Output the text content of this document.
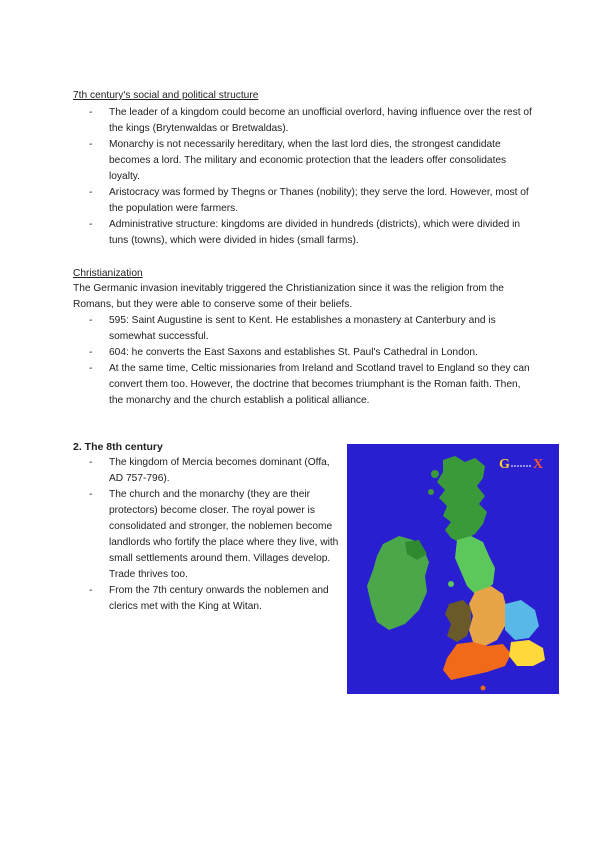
7th century's social and political structure
- The leader of a kingdom could become an unofficial overlord, having influence over the rest of the kings (Brytenwaldas or Bretwaldas).
- Monarchy is not necessarily hereditary, when the last lord dies, the strongest candidate becomes a lord. The military and economic protection that the leaders offer consolidates loyalty.
- Aristocracy was formed by Thegns or Thanes (nobility); they serve the lord. However, most of the population were farmers.
- Administrative structure: kingdoms are divided in hundreds (districts), which were divided in tuns (towns), which were divided in hides (small farms).
Christianization

The Germanic invasion inevitably triggered the Christianization since it was the religion from the Romans, but they were able to conserve some of their beliefs.

- 595: Saint Augustine is sent to Kent. He establishes a monastery at Canterbury and is somewhat successful.
- 604: he converts the East Saxons and establishes St. Paul's Cathedral in London.
- At the same time, Celtic missionaries from Ireland and Scotland travel to England so they can convert them too. However, the doctrine that becomes triumphant is the Roman faith. Then, the monarchy and the church establish a political alliance.
2. The 8th century
- The kingdom of Mercia becomes dominant (Offa, AD 757-796).
- The church and the monarchy (they are their protectors) become closer. The royal power is consolidated and stronger, the noblemen become landlords who fortify the place where they live, with small settlements around them. Villages develop. Trade thrives too.
- From the 7th century onwards the noblemen and clerics met with the King at Witan.
G X
